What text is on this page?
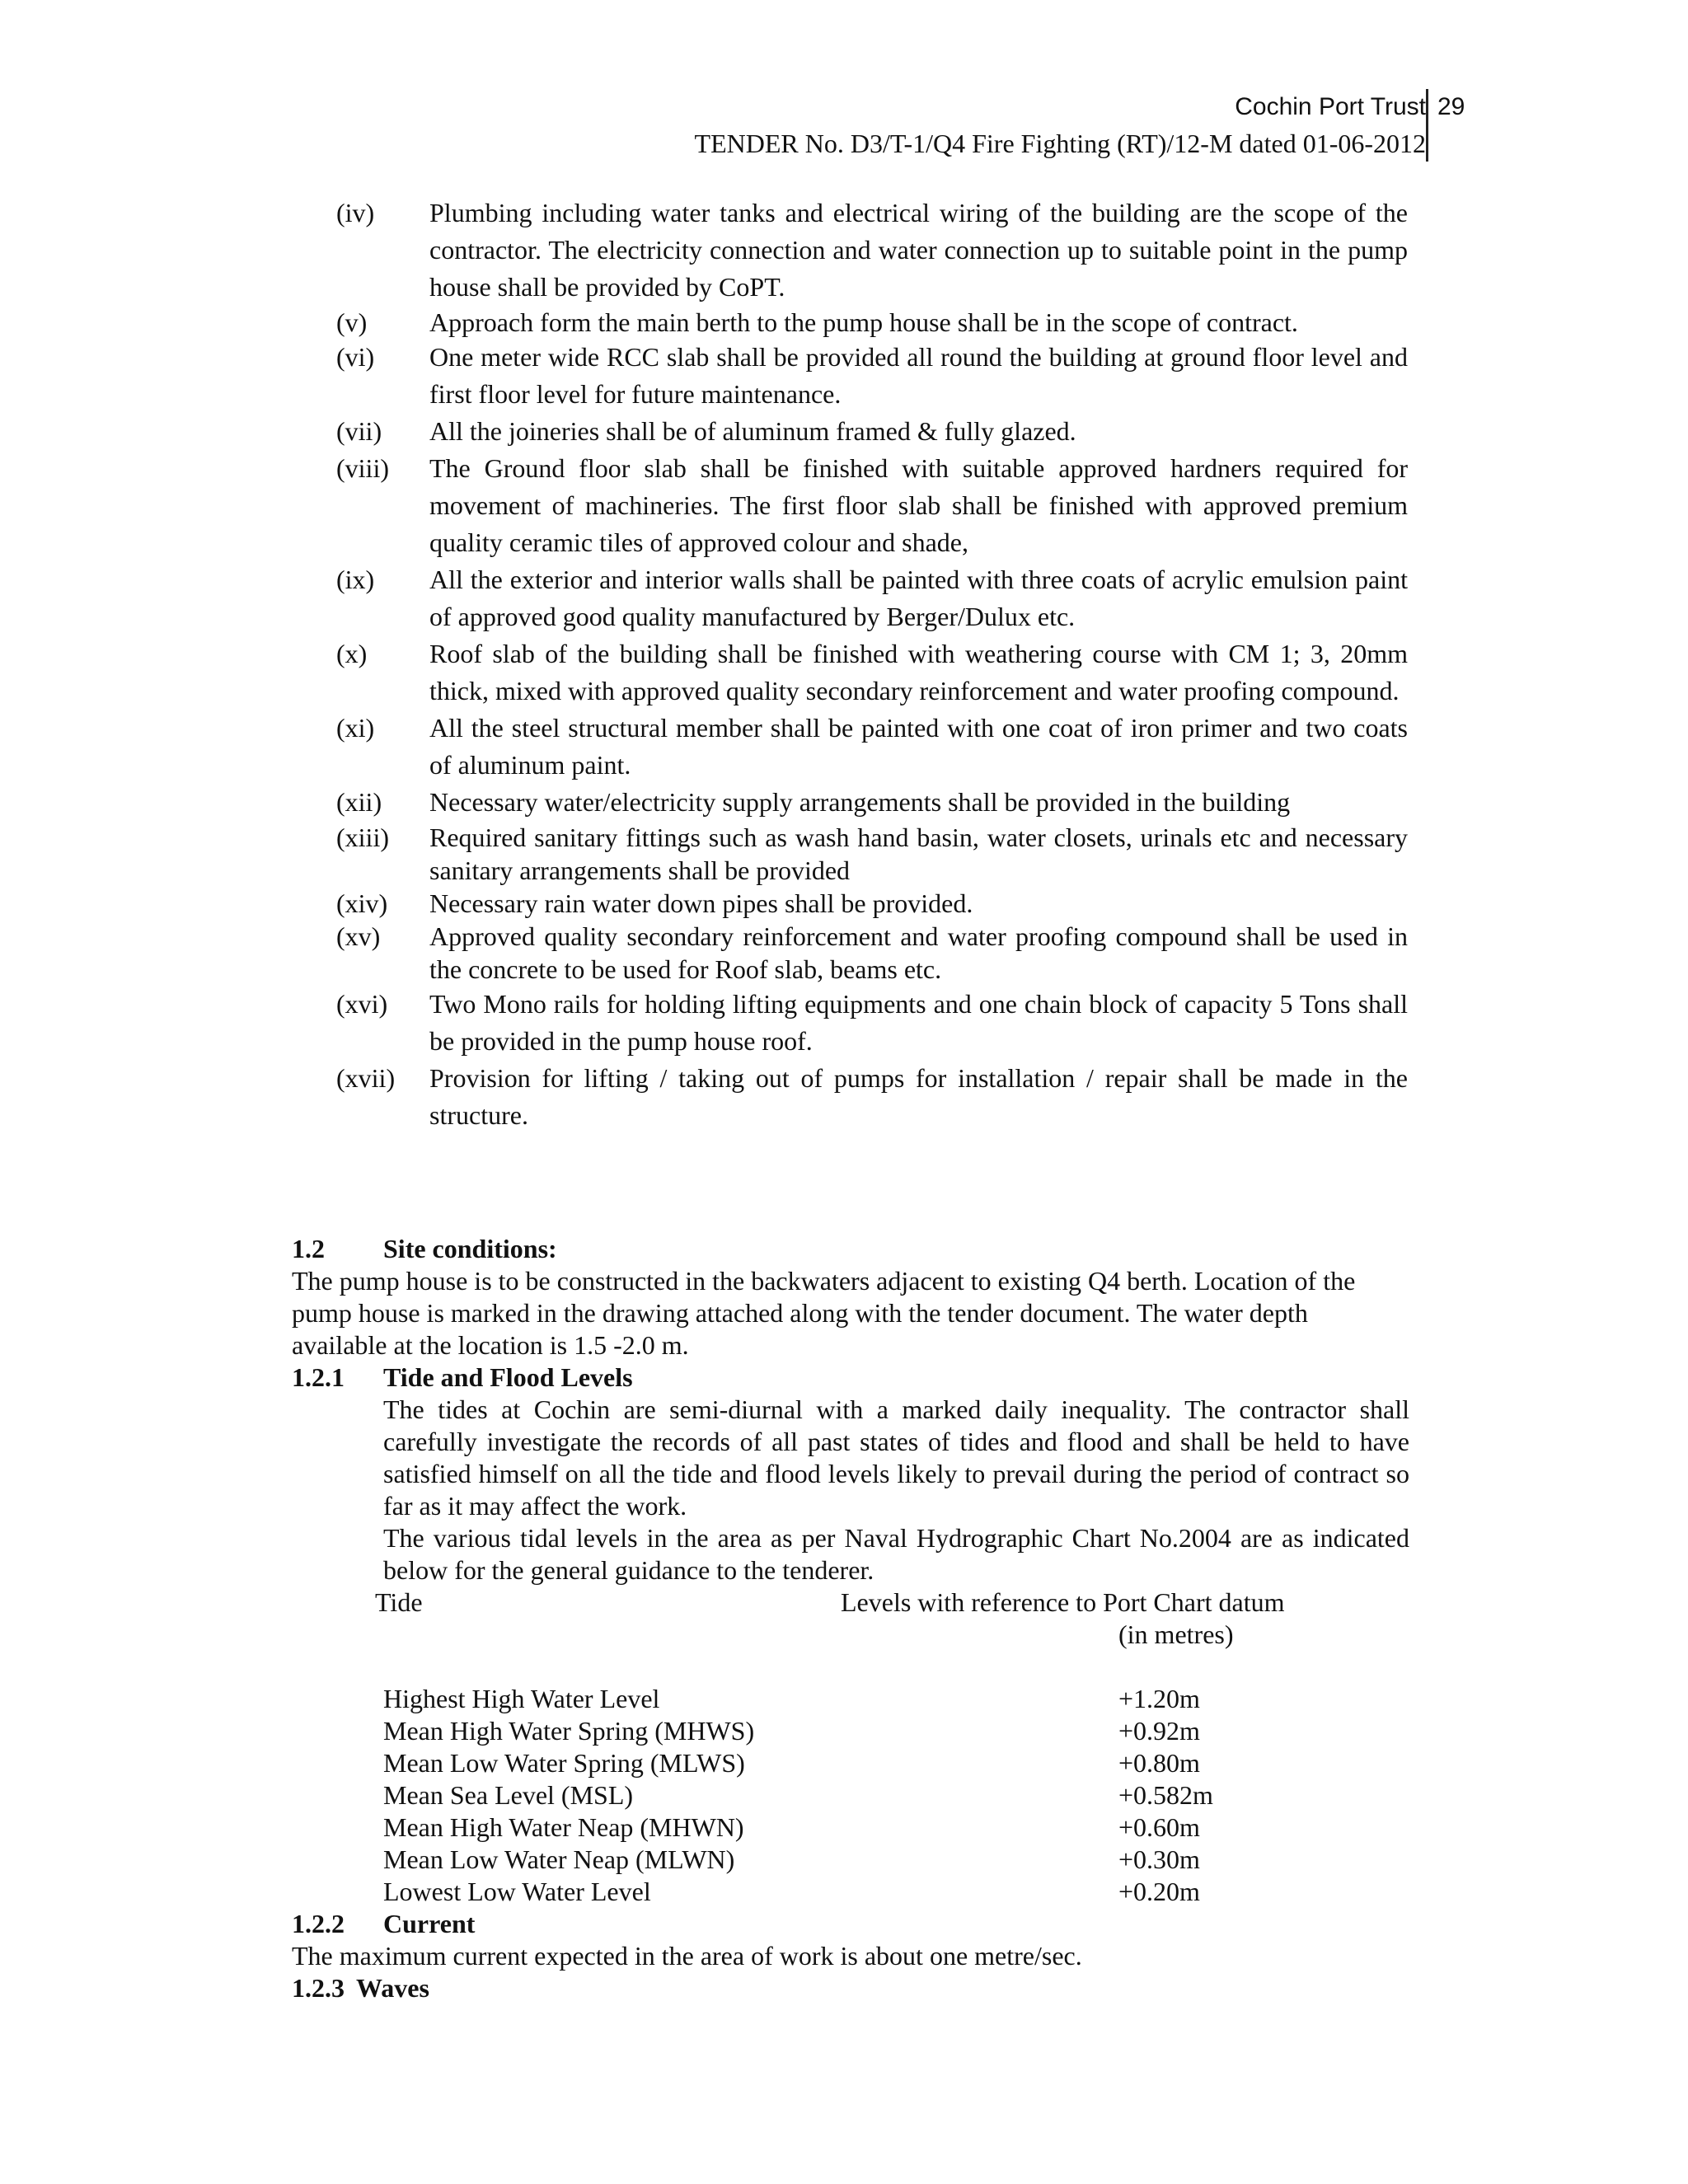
Cochin Port Trust
TENDER No. D3/T-1/Q4 Fire Fighting (RT)/12-M dated 01-06-2012
29
(iv)	Plumbing including water tanks and electrical wiring of the building are the scope of the contractor. The electricity connection and water connection up to suitable point in the pump house shall be provided by CoPT.
(v)	Approach form the main berth to the pump house shall be in the scope of contract.
(vi)	One meter wide RCC slab shall be provided all round the building at ground floor level and first floor level for future maintenance.
(vii)	All the joineries shall be of aluminum framed & fully glazed.
(viii)	The Ground floor slab shall be finished with suitable approved hardners required for movement of machineries. The first floor slab shall be finished with approved premium quality ceramic tiles of approved colour and shade,
(ix)	All the exterior and interior walls shall be painted with three coats of acrylic emulsion paint of approved good quality manufactured by Berger/Dulux etc.
(x)	Roof slab of the building shall be finished with weathering course with CM 1; 3, 20mm thick, mixed with approved quality secondary reinforcement and water proofing compound.
(xi)	All the steel structural member shall be painted with one coat of iron primer and two coats of aluminum paint.
(xii)	Necessary water/electricity supply arrangements shall be provided in the building
(xiii)	Required sanitary fittings such as wash hand basin, water closets, urinals etc and necessary sanitary arrangements shall be provided
(xiv)	Necessary rain water down pipes shall be provided.
(xv)	Approved quality secondary reinforcement and water proofing compound shall be used in the concrete to be used for Roof slab, beams etc.
(xvi)	Two Mono rails for holding lifting equipments and one chain block of capacity 5 Tons shall be provided in the pump house roof.
(xvii)	Provision for lifting / taking out of pumps for installation / repair shall be made in the structure.
1.2	Site conditions:
The pump house is to be constructed in the backwaters adjacent to existing Q4 berth. Location of the pump house is marked in the drawing attached along with the tender document. The water depth available at the location is 1.5 -2.0 m.
1.2.1	Tide and Flood Levels
The tides at Cochin are semi-diurnal with a marked daily inequality. The contractor shall carefully investigate the records of all past states of tides and flood and shall be held to have satisfied himself on all the tide and flood levels likely to prevail during the period of contract so far as it may affect the work.
The various tidal levels in the area as per Naval Hydrographic Chart No.2004 are as indicated below for the general guidance to the tenderer.
Tide	Levels with reference to Port Chart datum
(in metres)
Highest High Water Level	+1.20m
Mean High Water Spring (MHWS)	+0.92m
Mean Low Water Spring (MLWS)	+0.80m
Mean Sea Level (MSL)	+0.582m
Mean High Water Neap (MHWN)	+0.60m
Mean Low Water Neap (MLWN)	+0.30m
Lowest Low Water Level	+0.20m
1.2.2	Current
The maximum current expected in the area of work is about one metre/sec.
1.2.3 Waves
